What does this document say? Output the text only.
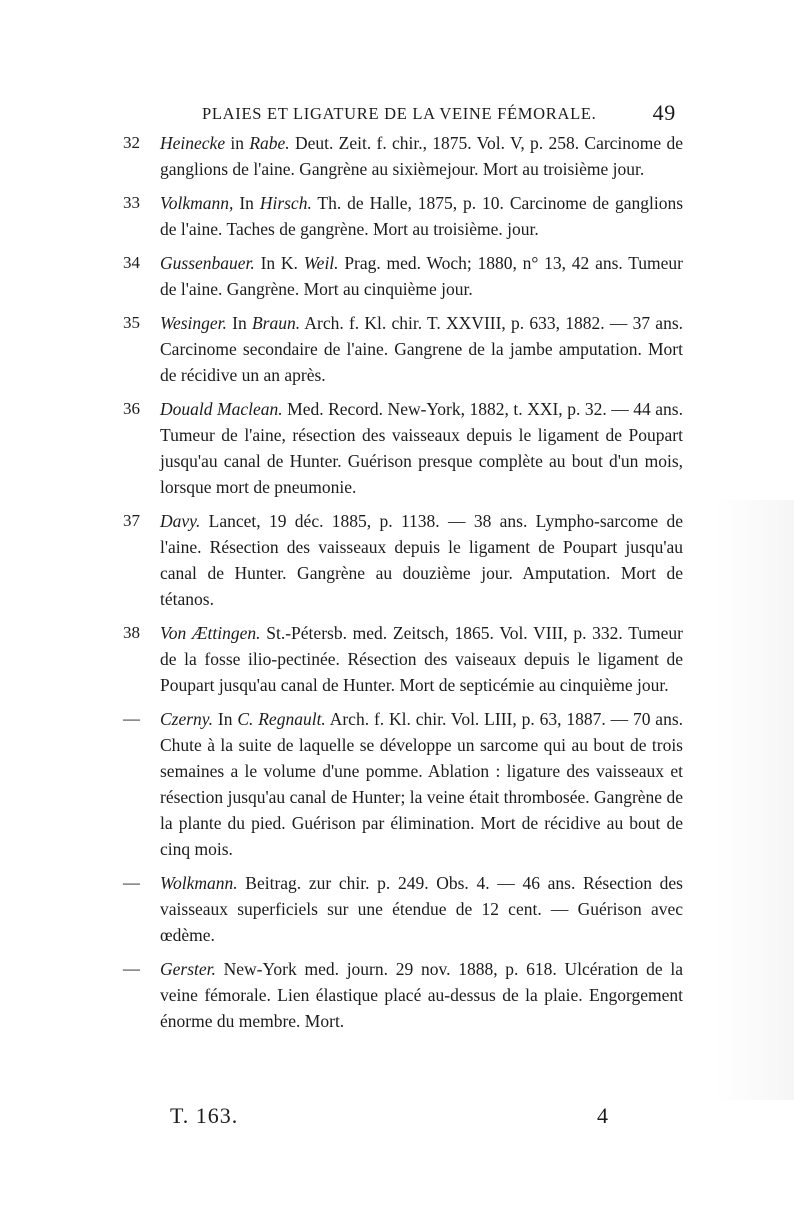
PLAIES ET LIGATURE DE LA VEINE FÉMORALE.	49
32	Heinecke in Rabe. Deut. Zeit. f. chir., 1875. Vol. V, p. 258. Carcinome de ganglions de l'aine. Gangrène au sixièmejour. Mort au troisième jour.
33	Volkmann, In Hirsch. Th. de Halle, 1875, p. 10. Carcinome de ganglions de l'aine. Taches de gangrène. Mort au troisième. jour.
34	Gussenbauer. In K. Weil. Prag. med. Woch; 1880, n° 13, 42 ans. Tumeur de l'aine. Gangrène. Mort au cinquième jour.
35	Wesinger. In Braun. Arch. f. Kl. chir. T. XXVIII, p. 633, 1882. — 37 ans. Carcinome secondaire de l'aine. Gangrene de la jambe amputation. Mort de récidive un an après.
36	Douald Maclean. Med. Record. New-York, 1882, t. XXI, p. 32. — 44 ans. Tumeur de l'aine, résection des vaisseaux depuis le ligament de Poupart jusqu'au canal de Hunter. Guérison presque complète au bout d'un mois, lorsque mort de pneumonie.
37	Davy. Lancet, 19 déc. 1885, p. 1138. — 38 ans. Lympho-sarcome de l'aine. Résection des vaisseaux depuis le ligament de Poupart jusqu'au canal de Hunter. Gangrène au douzième jour. Amputation. Mort de tétanos.
38	Von Ættingen. St.-Pétersb. med. Zeitsch, 1865. Vol. VIII, p. 332. Tumeur de la fosse ilio-pectinée. Résection des vaiseaux depuis le ligament de Poupart jusqu'au canal de Hunter. Mort de septicémie au cinquième jour.
—	Czerny. In C. Regnault. Arch. f. Kl. chir. Vol. LIII, p. 63, 1887. — 70 ans. Chute à la suite de laquelle se développe un sarcome qui au bout de trois semaines a le volume d'une pomme. Ablation : ligature des vaisseaux et résection jusqu'au canal de Hunter; la veine était thrombosée. Gangrène de la plante du pied. Guérison par élimination. Mort de récidive au bout de cinq mois.
—	Wolkmann. Beitrag. zur chir. p. 249. Obs. 4. — 46 ans. Résection des vaisseaux superficiels sur une étendue de 12 cent. — Guérison avec œdème.
—	Gerster. New-York med. journ. 29 nov. 1888, p. 618. Ulcération de la veine fémorale. Lien élastique placé au-dessus de la plaie. Engorgement énorme du membre. Mort.
T. 163.	4
